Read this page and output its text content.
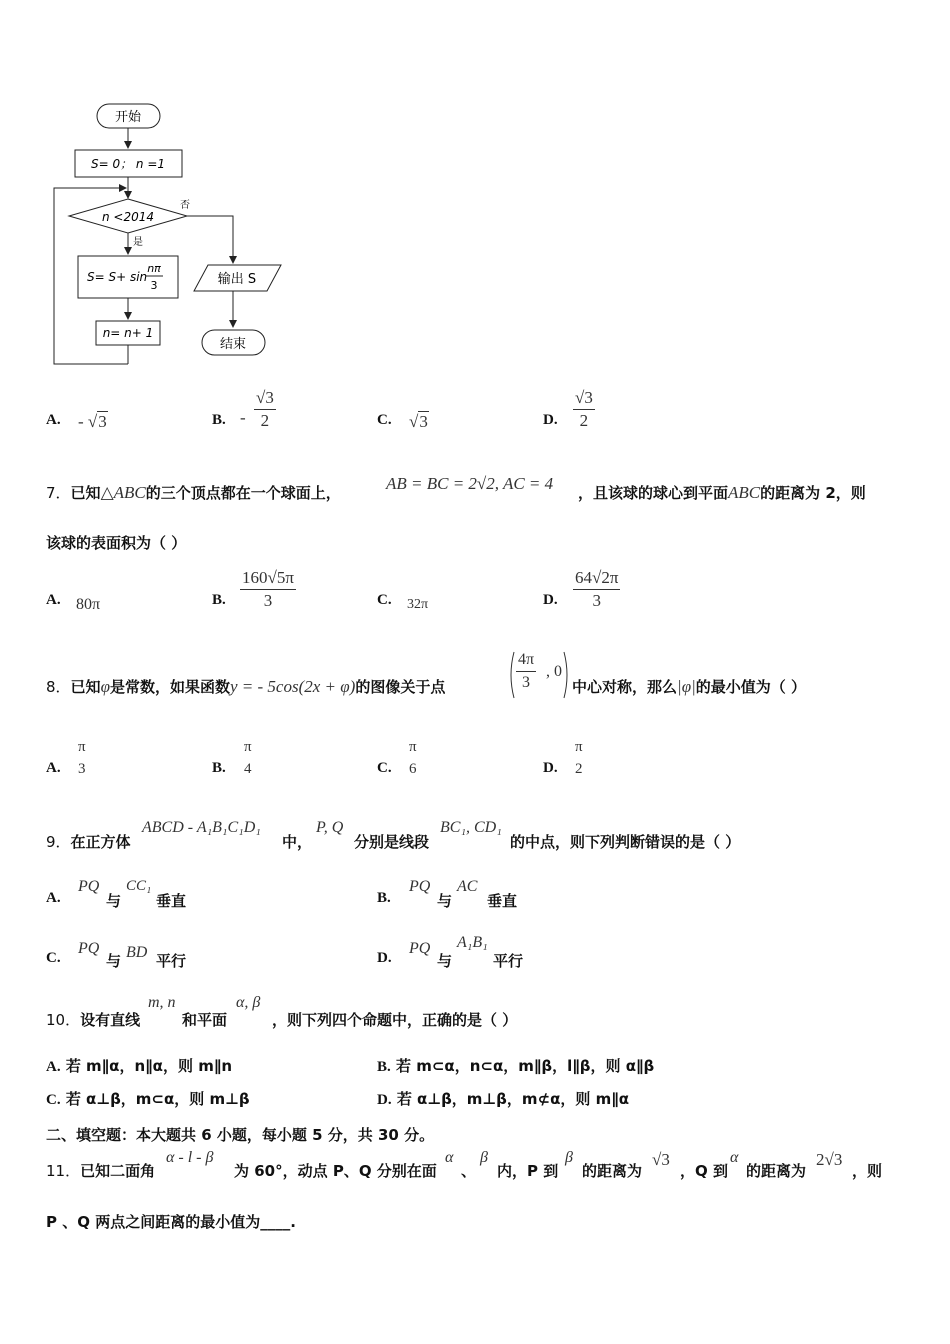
开始
S= 0； n =1
n <2014
否
是
S= S+ sin
nπ
3
n= n+ 1
输出 S
结束
A. - √3	B. - $\frac{√3}{2}$	C. √3	D. $\frac{√3}{2}$
7．已知△ABC的三个顶点都在一个球面上，	AB = BC = 2√2, AC = 4 ，且该球的球心到平面ABC的距离为 2，则
该球的表面积为（ ）
A. 80π	B. $\frac{160√5\pi}{3}$	C. 32π	D. $\frac{64√2\pi}{3}$
8．已知φ是常数，如果函数y = - 5cos(2x + φ)的图像关于点	$\frac{4\pi}{3}$ , 0
中心对称，那么|φ|的最小值为（ ）
A.
π
3	B.
π
4	C.
π
6	D.
π
2
9．在正方体
ABCD - A₁B₁C₁D₁
中，
P, Q
分别是线段
BC₁, CD₁
的中点，则下列判断错误的是（ ）
A.
PQ
与
CC₁
垂直	B.
PQ
与
AC
垂直
C.
PQ
与 BD 平行	D.
PQ
与
A₁B₁
平行
10．设有直线
m, n
和平面
α, β
，则下列四个命题中，正确的是（ ）
A. 若 m∥α，n∥α，则 m∥n	B. 若 m⊂α，n⊂α，m∥β，l∥β，则 α∥β
C. 若 α⊥β，m⊂α，则 m⊥β	D. 若 α⊥β，m⊥β，m⊄α，则 m∥α
二、填空题：本大题共 6 小题，每小题 5 分，共 30 分。
11．已知二面角
α - l - β
为 60°，动点 P、Q 分别在面
α
、
β
内，P 到
β
的距离为
√3
，Q 到
α
的距离为
2√3
，则
P 、Q 两点之间距离的最小值为____.
